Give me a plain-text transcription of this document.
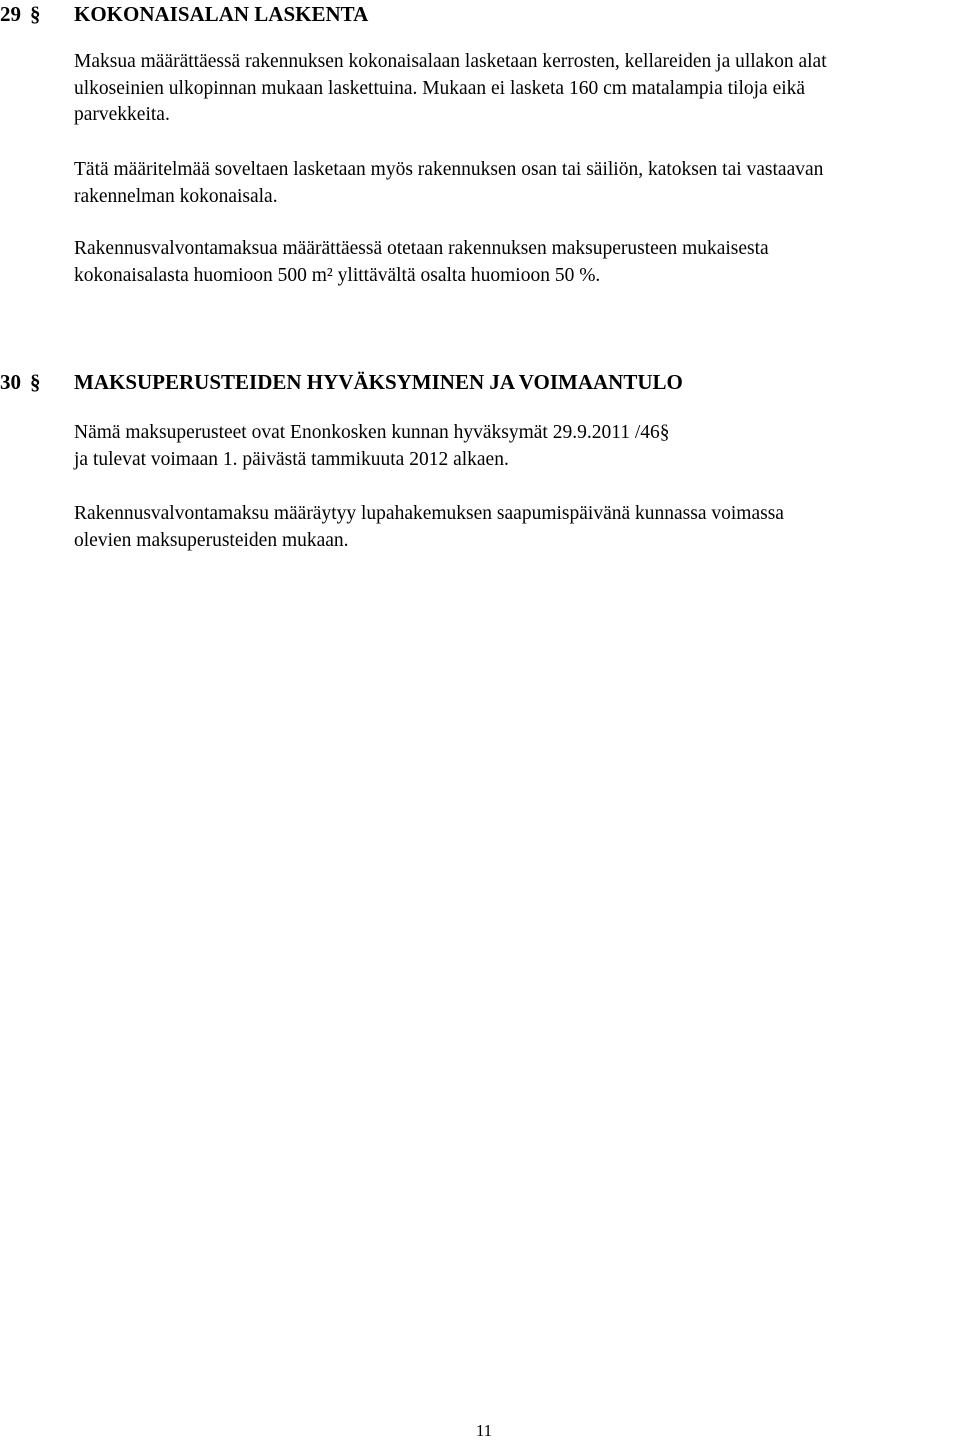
29 § KOKONAISALAN LASKENTA
Maksua määrättäessä rakennuksen kokonaisalaan lasketaan kerrosten, kellareiden ja ullakon alat
ulkoseinien ulkopinnan mukaan laskettuina. Mukaan ei lasketa 160 cm matalampia tiloja eikä
parvekkeita.
Tätä määritelmää soveltaen lasketaan myös rakennuksen osan tai säiliön, katoksen tai vastaavan
rakennelman kokonaisala.
Rakennusvalvontamaksua määrättäessä otetaan rakennuksen maksuperusteen mukaisesta
kokonaisalasta huomioon 500 m² ylittävältä osalta huomioon 50 %.
30 § MAKSUPERUSTEIDEN HYVÄKSYMINEN JA VOIMAANTULO
Nämä maksuperusteet ovat Enonkosken kunnan hyväksymät 29.9.2011 /46§
ja tulevat voimaan 1. päivästä tammikuuta 2012 alkaen.
Rakennusvalvontamaksu määräytyy lupahakemuksen saapumispäivänä kunnassa voimassa
olevien maksuperusteiden mukaan.
11
